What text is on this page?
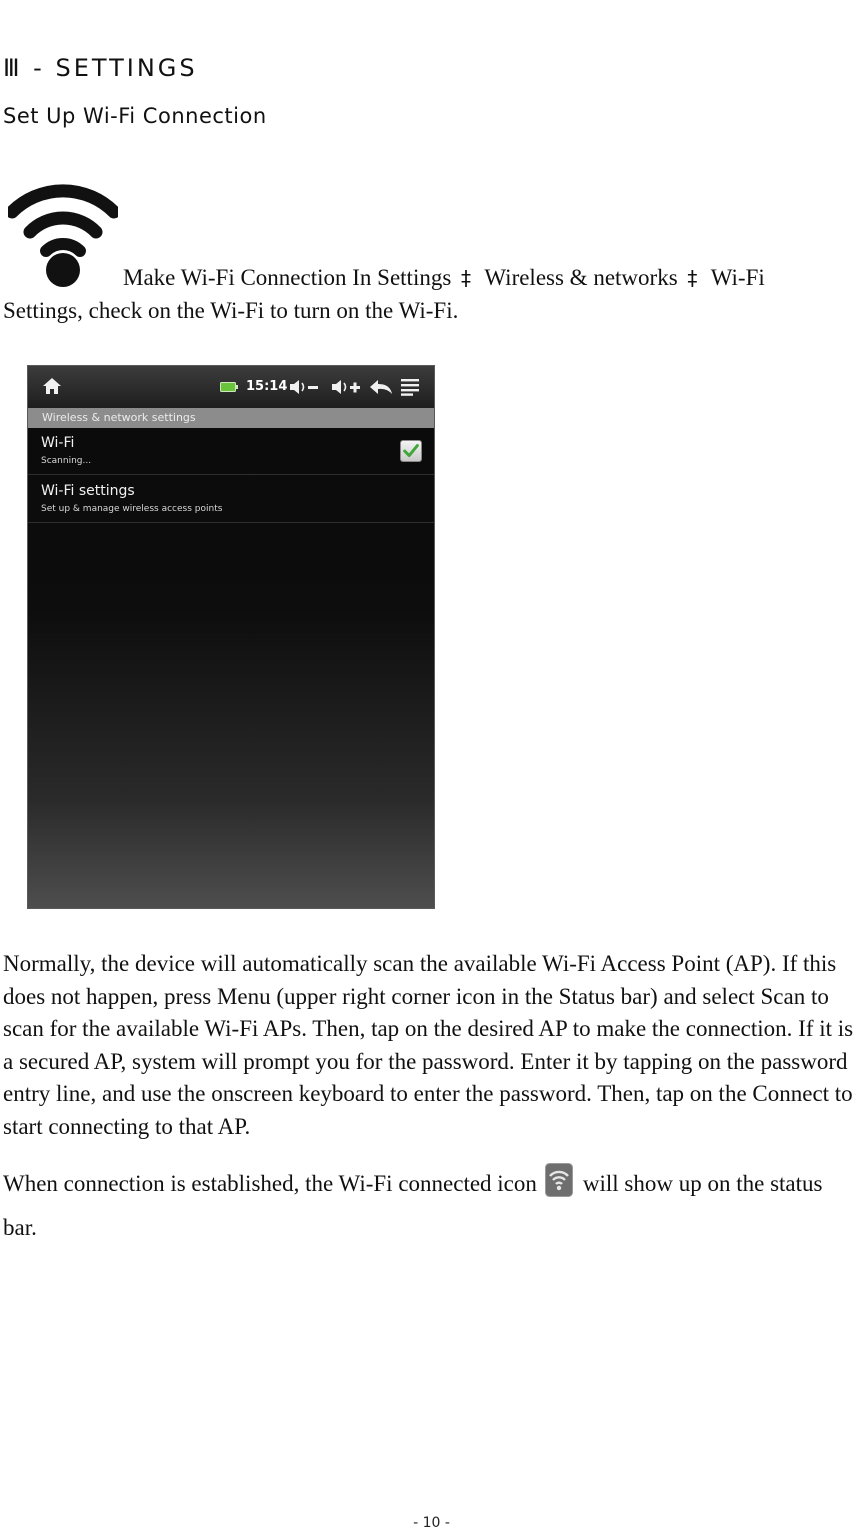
Ⅲ - SETTINGS
Set Up Wi-Fi Connection
Make Wi-Fi Connection In Settings ‡ Wireless & networks ‡ Wi-Fi
Settings, check on the Wi-Fi to turn on the Wi-Fi.
15:14
Wireless & network settings
Wi-Fi
Scanning...
Wi-Fi settings
Set up & manage wireless access points
Normally, the device will automatically scan the available Wi-Fi Access Point (AP). If this does not happen, press Menu (upper right corner icon in the Status bar) and select Scan to scan for the available Wi-Fi APs. Then, tap on the desired AP to make the connection. If it is a secured AP, system will prompt you for the password. Enter it by tapping on the password entry line, and use the onscreen keyboard to enter the password. Then, tap on the Connect to start connecting to that AP.
When connection is established, the Wi-Fi connected icon will show up on the status bar.
- 10 -
